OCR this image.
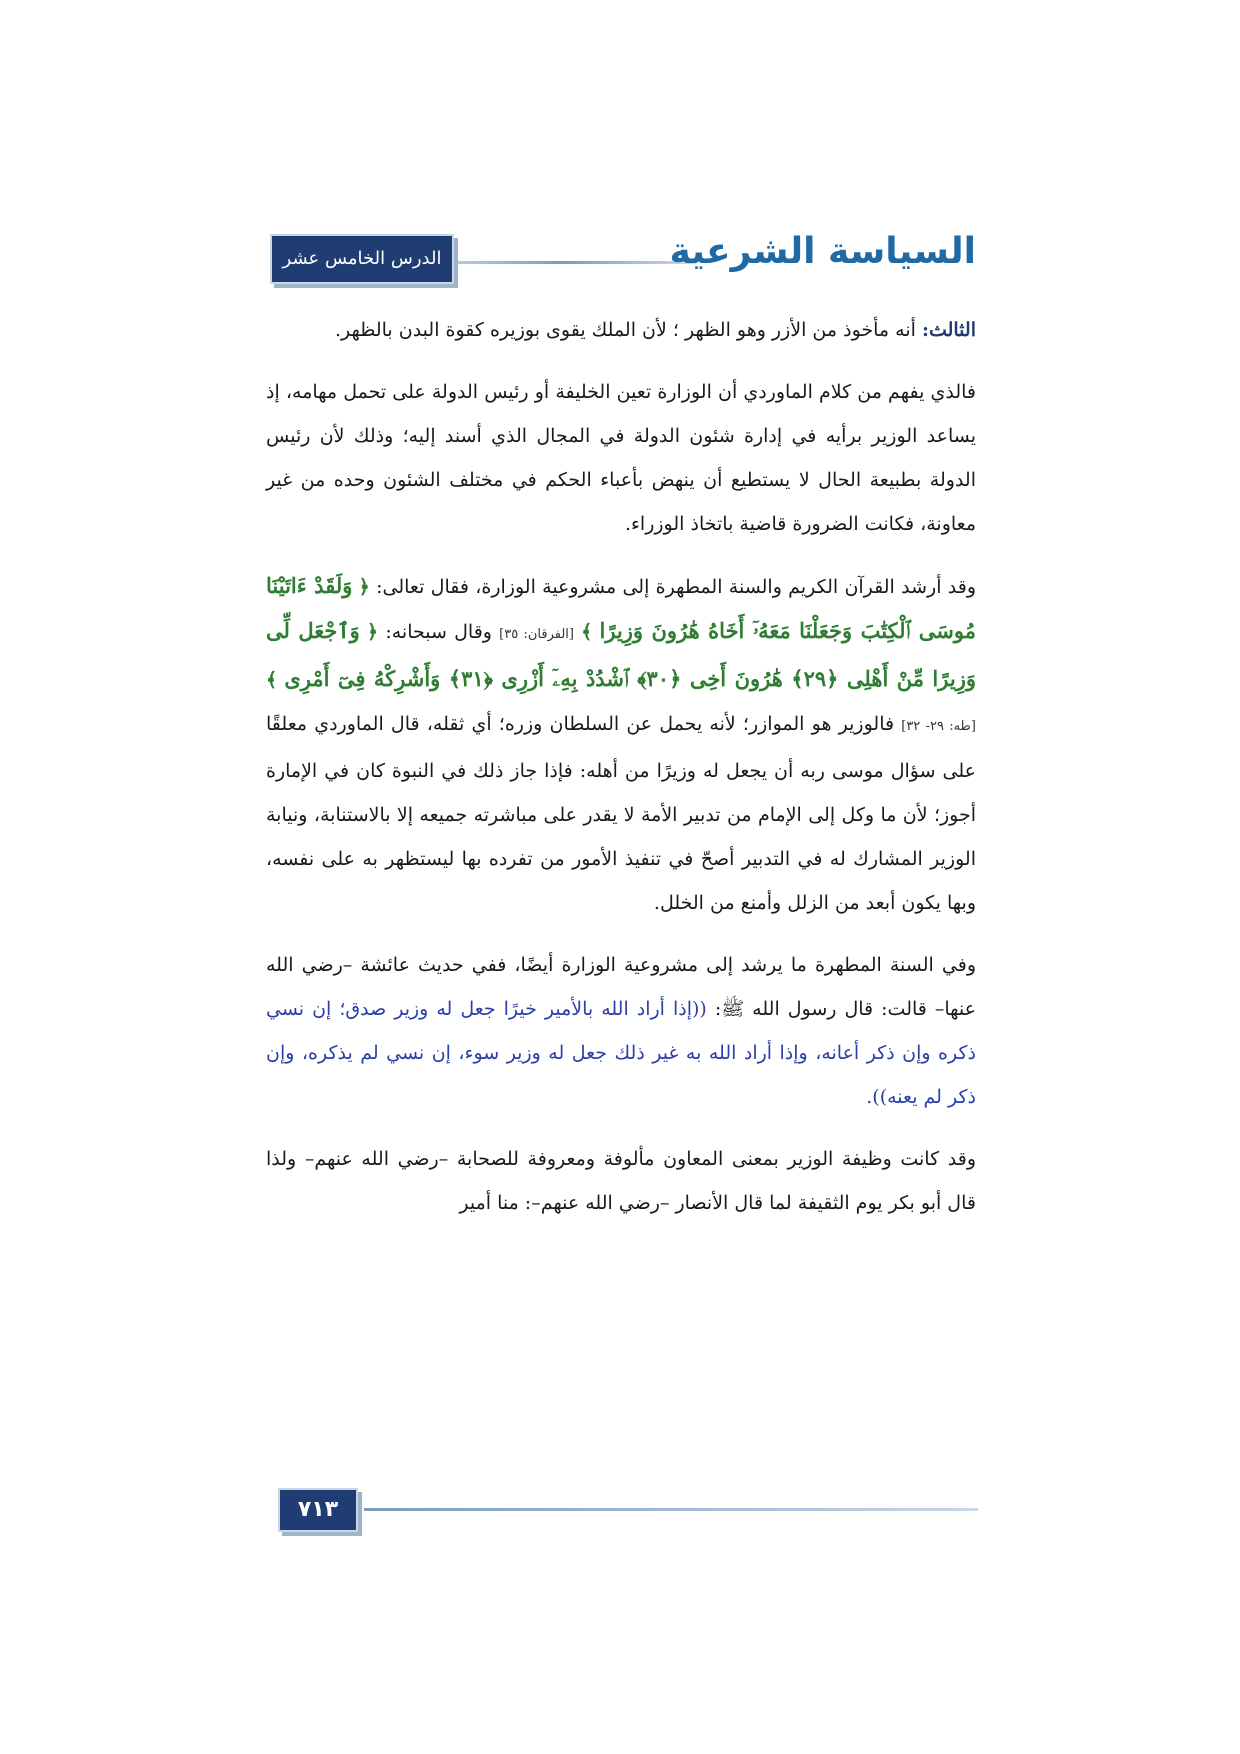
السياسة الشرعية
الدرس الخامس عشر

الثالث: أنه مأخوذ من الأزر وهو الظهر ؛ لأن الملك يقوى بوزيره كقوة البدن بالظهر.

فالذي يفهم من كلام الماوردي أن الوزارة تعين الخليفة أو رئيس الدولة على تحمل مهامه، إذ يساعد الوزير برأيه في إدارة شئون الدولة في المجال الذي أسند إليه؛ وذلك لأن رئيس الدولة بطبيعة الحال لا يستطيع أن ينهض بأعباء الحكم في مختلف الشئون وحده من غير معاونة، فكانت الضرورة قاضية باتخاذ الوزراء.

وقد أرشد القرآن الكريم والسنة المطهرة إلى مشروعية الوزارة، فقال تعالى: ﴿ وَلَقَدْ ءَاتَيْنَا مُوسَى ٱلْكِتَٰبَ وَجَعَلْنَا مَعَهُۥٓ أَخَاهُ هَٰرُونَ وَزِيرًا ﴾ [الفرقان: ٣٥] وقال سبحانه: ﴿ وَٱجْعَل لِّى وَزِيرًا مِّنْ أَهْلِى ﴿٢٩﴾ هَٰرُونَ أَخِى ﴿٣٠﴾ ٱشْدُدْ بِهِۦٓ أَزْرِى ﴿٣١﴾ وَأَشْرِكْهُ فِىٓ أَمْرِى ﴾ [طه: ٢٩- ٣٢] فالوزير هو الموازر؛ لأنه يحمل عن السلطان وزره؛ أي ثقله، قال الماوردي معلقًا على سؤال موسى ربه أن يجعل له وزيرًا من أهله: فإذا جاز ذلك في النبوة كان في الإمارة أجوز؛ لأن ما وكل إلى الإمام من تدبير الأمة لا يقدر على مباشرته جميعه إلا بالاستنابة، ونيابة الوزير المشارك له في التدبير أصحّ في تنفيذ الأمور من تفرده بها ليستظهر به على نفسه، وبها يكون أبعد من الزلل وأمنع من الخلل.

وفي السنة المطهرة ما يرشد إلى مشروعية الوزارة أيضًا، ففي حديث عائشة –رضي الله عنها– قالت: قال رسول الله ﷺ: ((إذا أراد الله بالأمير خيرًا جعل له وزير صدق؛ إن نسي ذكره وإن ذكر أعانه، وإذا أراد الله به غير ذلك جعل له وزير سوء، إن نسي لم يذكره، وإن ذكر لم يعنه)).

وقد كانت وظيفة الوزير بمعنى المعاون مألوفة ومعروفة للصحابة –رضي الله عنهم– ولذا قال أبو بكر يوم الثقيفة لما قال الأنصار –رضي الله عنهم–: منا أمير

٧١٣
